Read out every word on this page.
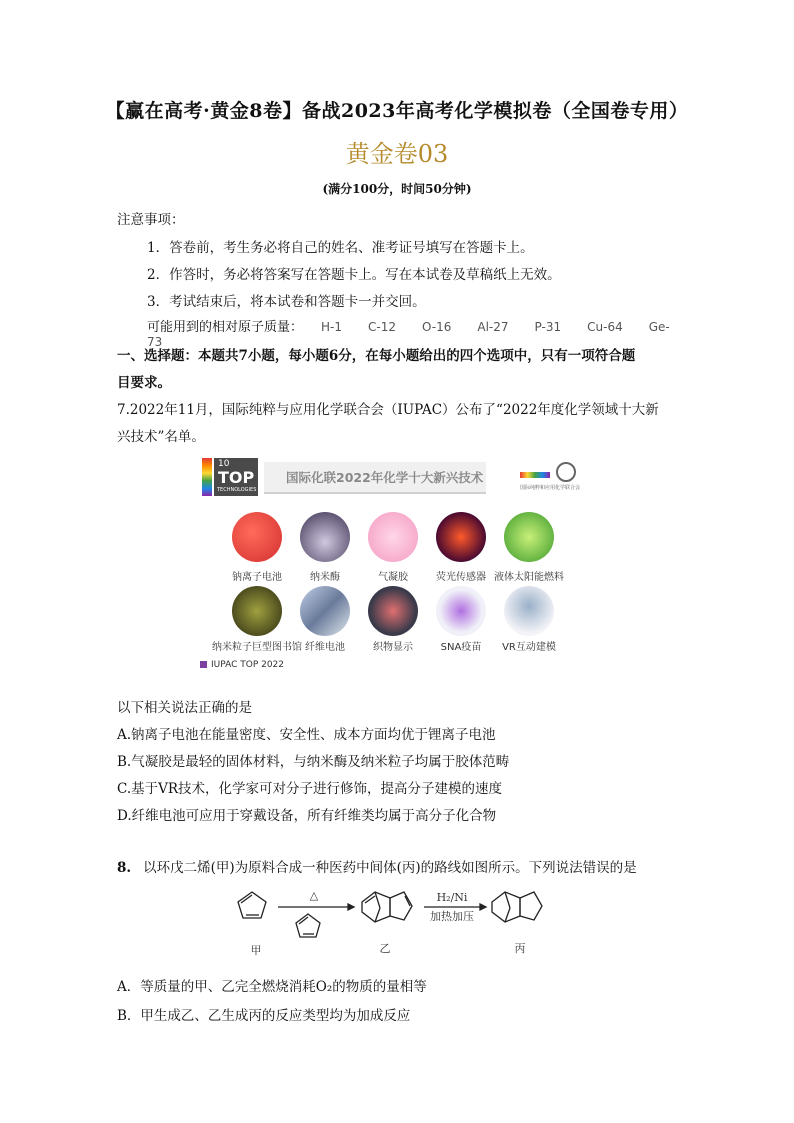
【赢在高考·黄金8卷】备战2023年高考化学模拟卷（全国卷专用）
黄金卷03
(满分100分，时间50分钟)
注意事项：
1．答卷前，考生务必将自己的姓名、准考证号填写在答题卡上。
2．作答时，务必将答案写在答题卡上。写在本试卷及草稿纸上无效。
3．考试结束后，将本试卷和答题卡一并交回。
可能用到的相对原子质量： H-1 C-12 O-16 Al-27 P-31 Cu-64 Ge-73
一、选择题：本题共7小题，每小题6分，在每小题给出的四个选项中，只有一项符合题
目要求。
7.2022年11月，国际纯粹与应用化学联合会（IUPAC）公布了“2022年度化学领域十大新
兴技术”名单。
10
TOP
TECHNOLOGIES
国际化联2022年化学十大新兴技术
国际纯粹和应用化学联合会
钠离子电池	纳米酶	气凝胶	荧光传感器 液体太阳能燃料
纳米粒子巨型图书馆 纤维电池	织物显示	SNA疫苗	VR互动建模
IUPAC TOP 2022
以下相关说法正确的是
A.钠离子电池在能量密度、安全性、成本方面均优于锂离子电池
B.气凝胶是最轻的固体材料，与纳米酶及纳米粒子均属于胶体范畴
C.基于VR技术，化学家可对分子进行修饰，提高分子建模的速度
D.纤维电池可应用于穿戴设备，所有纤维类均属于高分子化合物
8. 以环戊二烯(甲)为原料合成一种医药中间体(丙)的路线如图所示。下列说法错误的是
△	H₂/Ni
加热加压
甲	乙	丙
A．等质量的甲、乙完全燃烧消耗O₂的物质的量相等
B．甲生成乙、乙生成丙的反应类型均为加成反应
